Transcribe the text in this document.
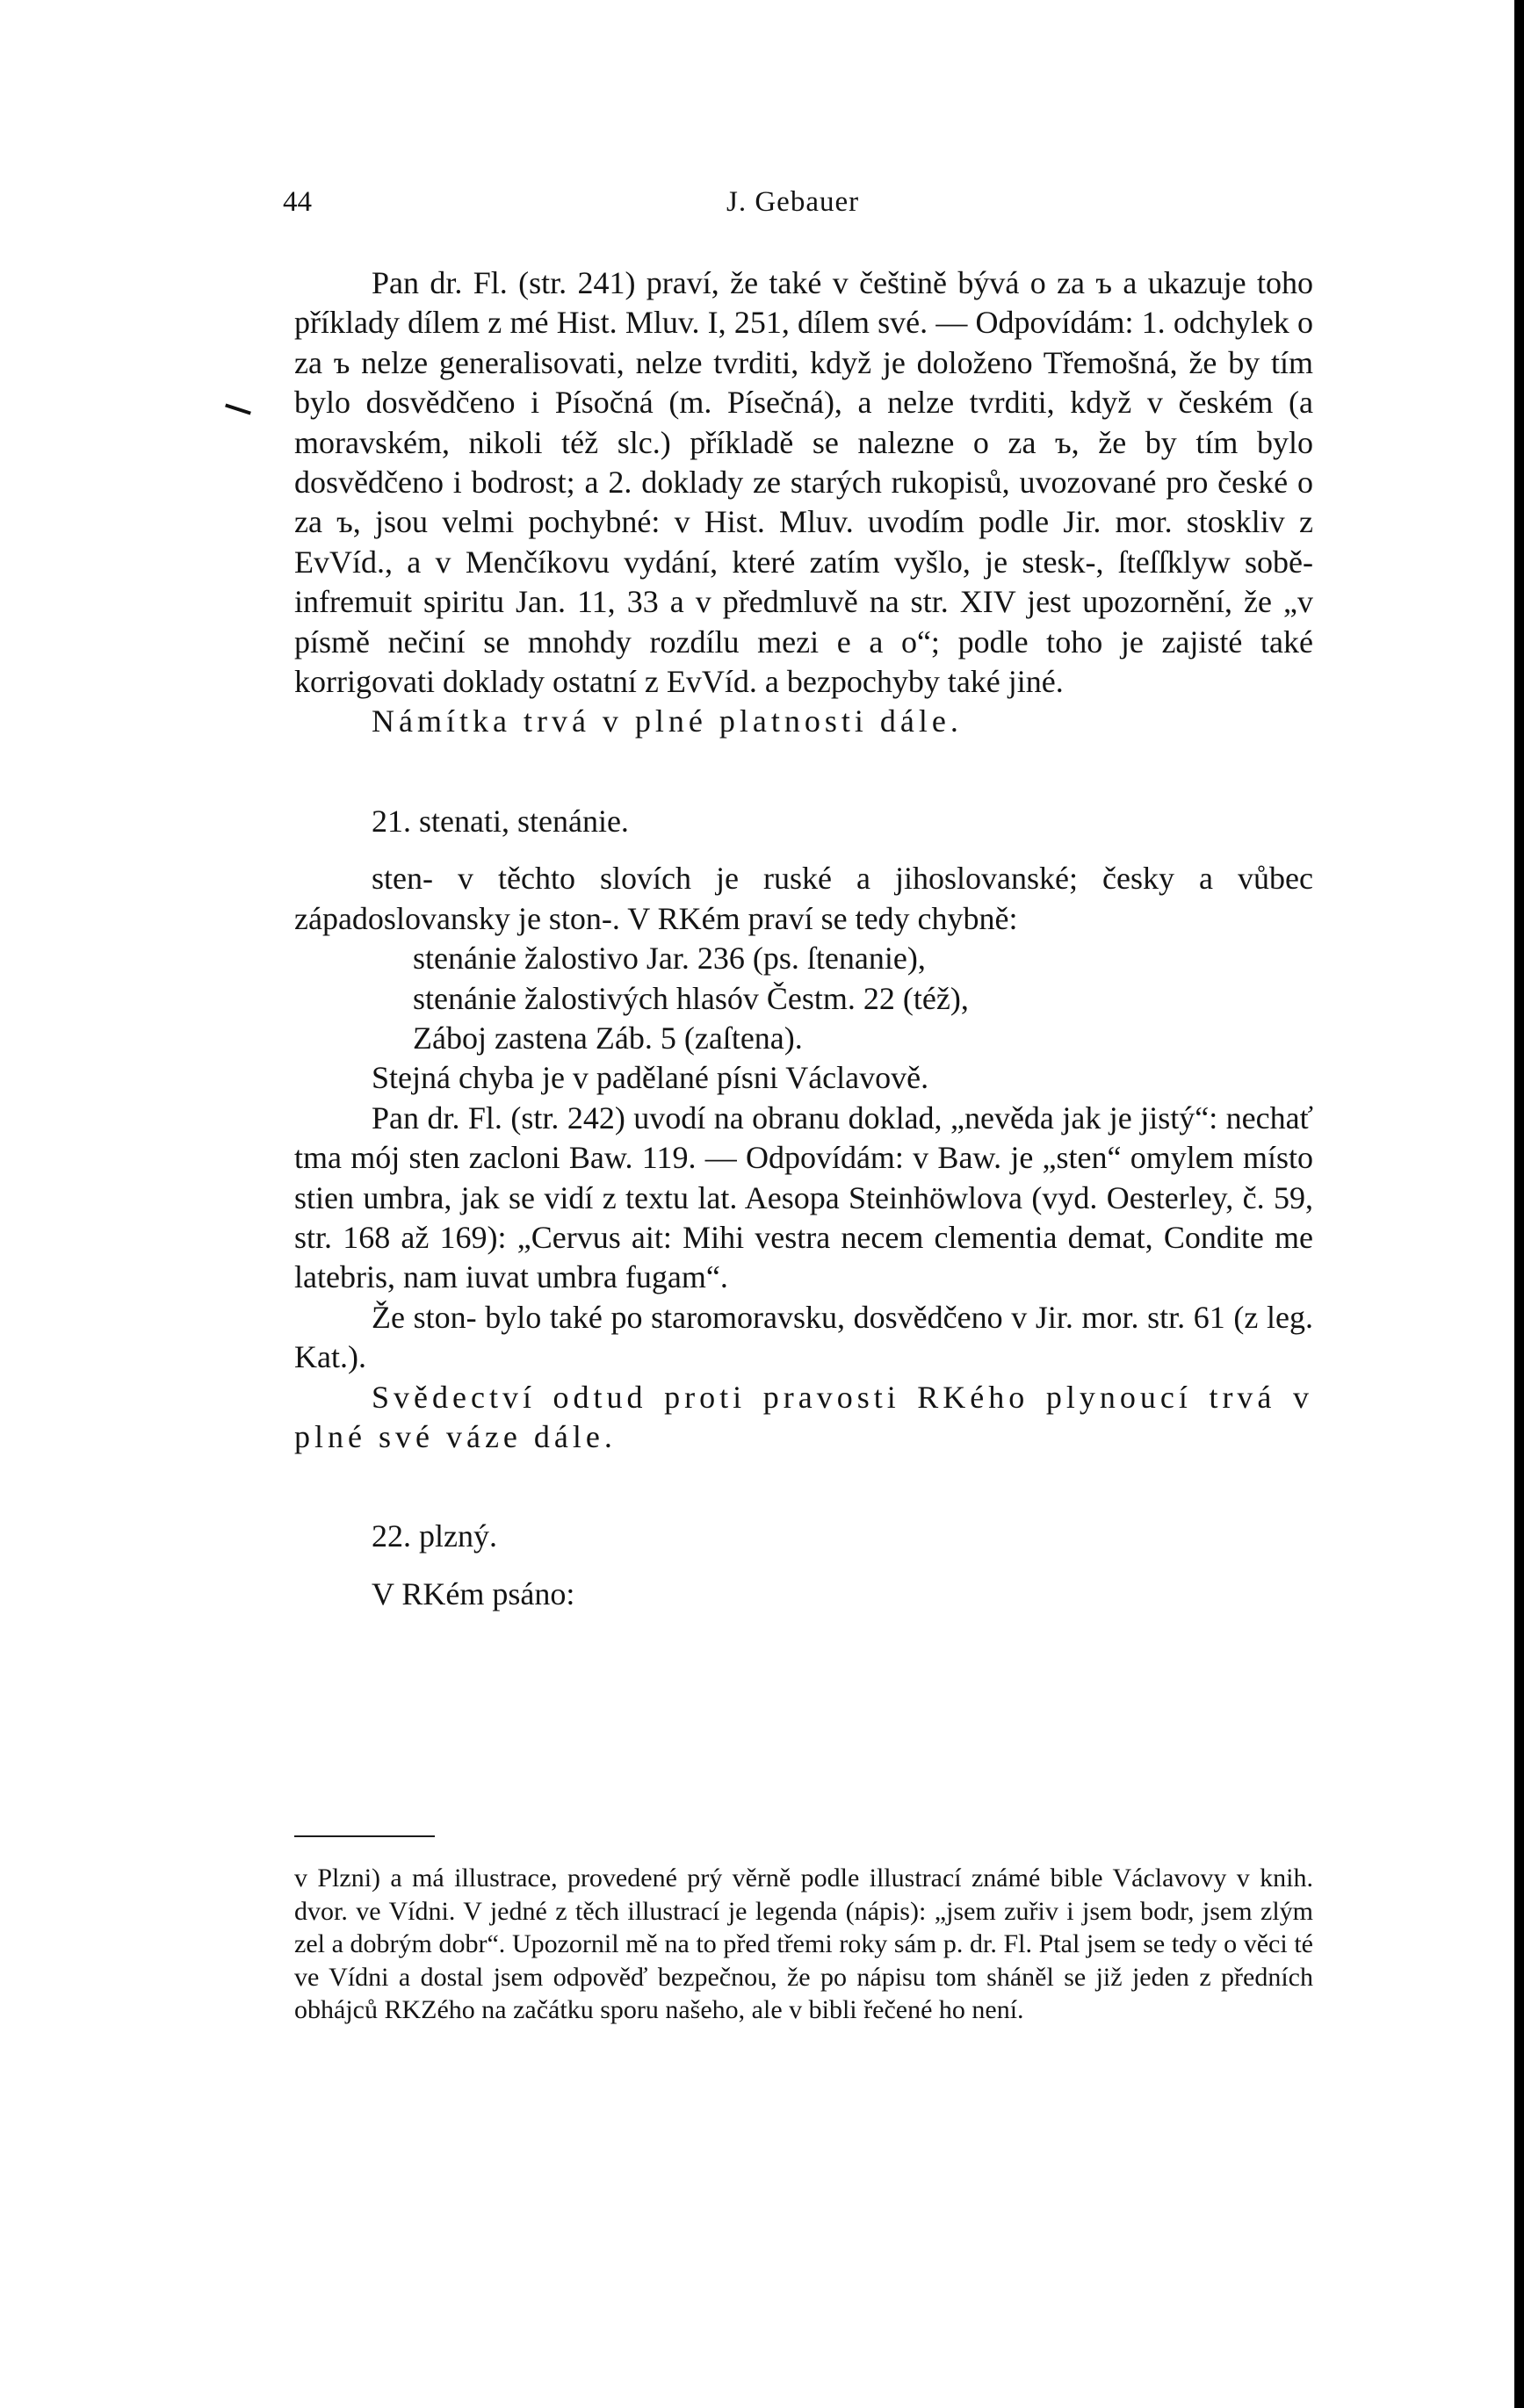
44	J. Gebauer

Pan dr. Fl. (str. 241) praví, že také v češtině bývá o za ъ a ukazuje toho příklady dílem z mé Hist. Mluv. I, 251, dílem své. — Odpovídám: 1. odchylek o za ъ nelze generalisovati, nelze tvrditi, když je doloženo Třemošná, že by tím bylo dosvědčeno i Písočná (m. Písečná), a nelze tvrditi, když v českém (a moravském, nikoli též slc.) příkladě se nalezne o za ъ, že by tím bylo dosvědčeno i bodrost; a 2. doklady ze starých rukopisů, uvozované pro české o za ъ, jsou velmi pochybné: v Hist. Mluv. uvodím podle Jir. mor. stoskliv z EvVíd., a v Menčíkovu vydání, které zatím vyšlo, je stesk-, ſteſſklyw sobě-infremuit spiritu Jan. 11, 33 a v předmluvě na str. XIV jest upozornění, že „v písmě nečiní se mnohdy rozdílu mezi e a o“; podle toho je zajisté také korrigovati doklady ostatní z EvVíd. a bezpochyby také jiné.

Námítka trvá v plné platnosti dále.

21. stenati, stenánie.

sten- v těchto slovích je ruské a jihoslovanské; česky a vůbec západoslovansky je ston-. V RKém praví se tedy chybně:

stenánie žalostivo Jar. 236 (ps. ſtenanie),

stenánie žalostivých hlasóv Čestm. 22 (též),

Záboj zastena Záb. 5 (zaſtena).

Stejná chyba je v padělané písni Václavově.

Pan dr. Fl. (str. 242) uvodí na obranu doklad, „nevěda jak je jistý“: nechať tma mój sten zacloni Baw. 119. — Odpovídám: v Baw. je „sten“ omylem místo stien umbra, jak se vidí z textu lat. Aesopa Steinhöwlova (vyd. Oesterley, č. 59, str. 168 až 169): „Cervus ait: Mihi vestra necem clementia demat, Condite me latebris, nam iuvat umbra fugam“.

Že ston- bylo také po staromoravsku, dosvědčeno v Jir. mor. str. 61 (z leg. Kat.).

Svědectví odtud proti pravosti RKého plynoucí trvá v plné své váze dále.

22. plzný.

V RKém psáno:

v Plzni) a má illustrace, provedené prý věrně podle illustrací známé bible Václavovy v knih. dvor. ve Vídni. V jedné z těch illustrací je legenda (nápis): „jsem zuřiv i jsem bodr, jsem zlým zel a dobrým dobr“. Upozornil mě na to před třemi roky sám p. dr. Fl. Ptal jsem se tedy o věci té ve Vídni a dostal jsem odpověď bezpečnou, že po nápisu tom sháněl se již jeden z předních obhájců RKZého na začátku sporu našeho, ale v bibli řečené ho není.
